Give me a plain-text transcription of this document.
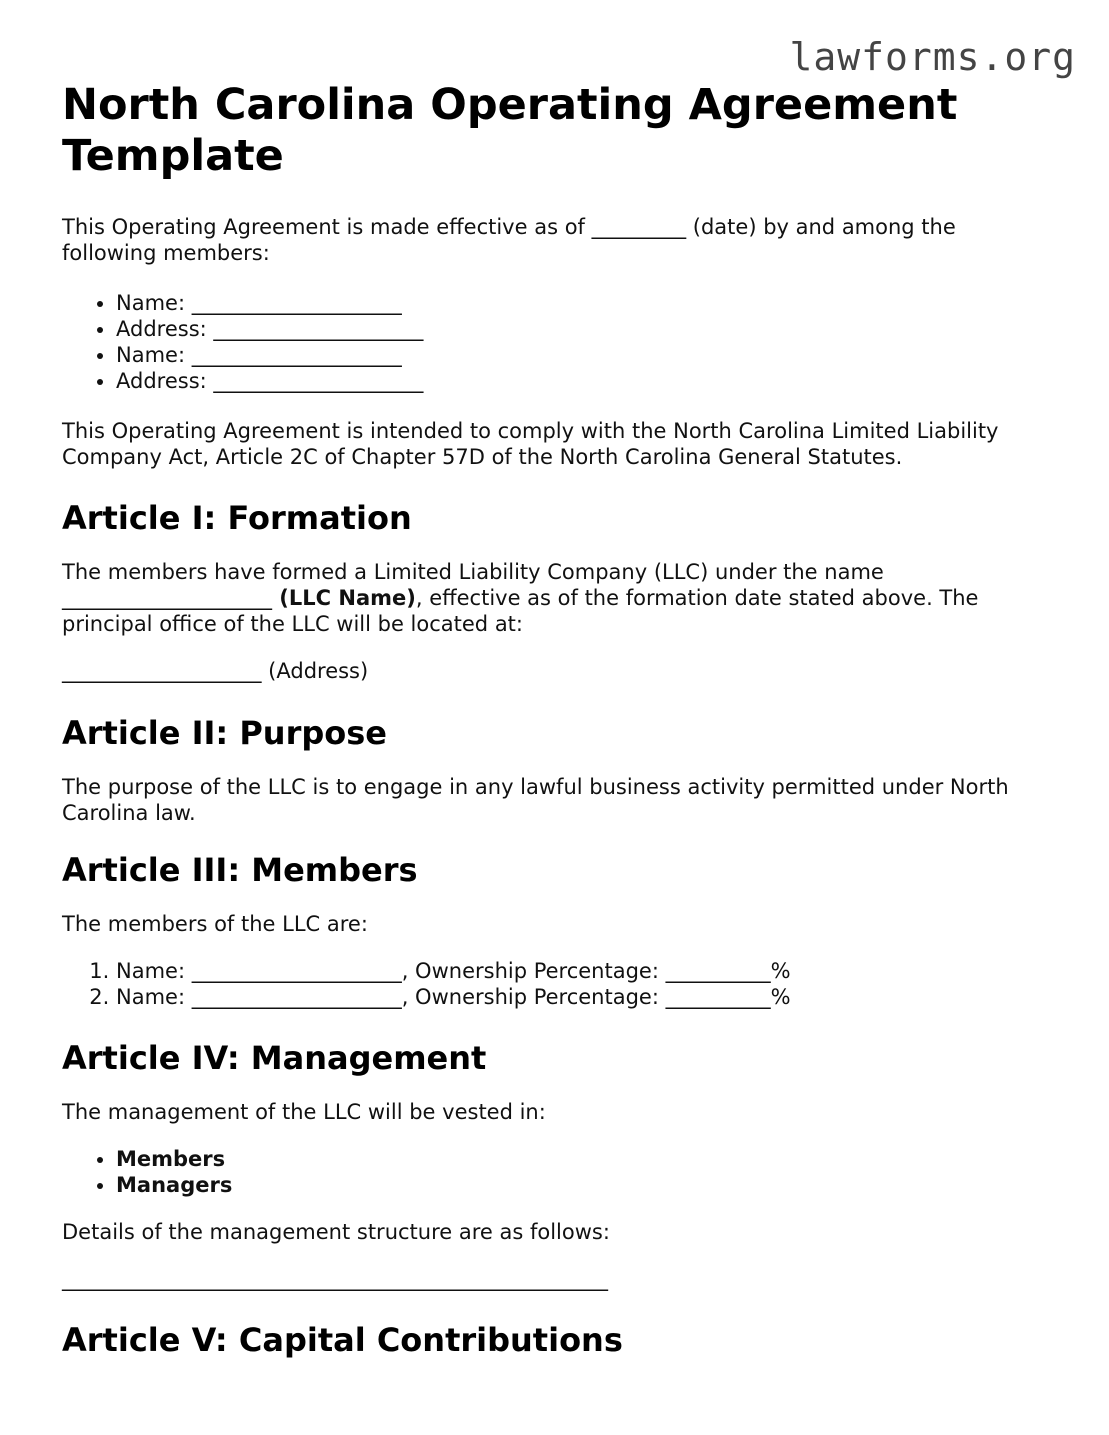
lawforms.org
North Carolina Operating Agreement Template

This Operating Agreement is made effective as of _________ (date) by and among the following members:

• Name: ____________________
• Address: ____________________
• Name: ____________________
• Address: ____________________

This Operating Agreement is intended to comply with the North Carolina Limited Liability Company Act, Article 2C of Chapter 57D of the North Carolina General Statutes.

Article I: Formation

The members have formed a Limited Liability Company (LLC) under the name ____________________ (LLC Name), effective as of the formation date stated above. The principal office of the LLC will be located at:

___________________ (Address)

Article II: Purpose

The purpose of the LLC is to engage in any lawful business activity permitted under North Carolina law.

Article III: Members

The members of the LLC are:

1. Name: ____________________, Ownership Percentage: __________%
2. Name: ____________________, Ownership Percentage: __________%
Article IV: Management

The management of the LLC will be vested in:

• Members
• Managers

Details of the management structure are as follows:

____________________________________________________

Article V: Capital Contributions
